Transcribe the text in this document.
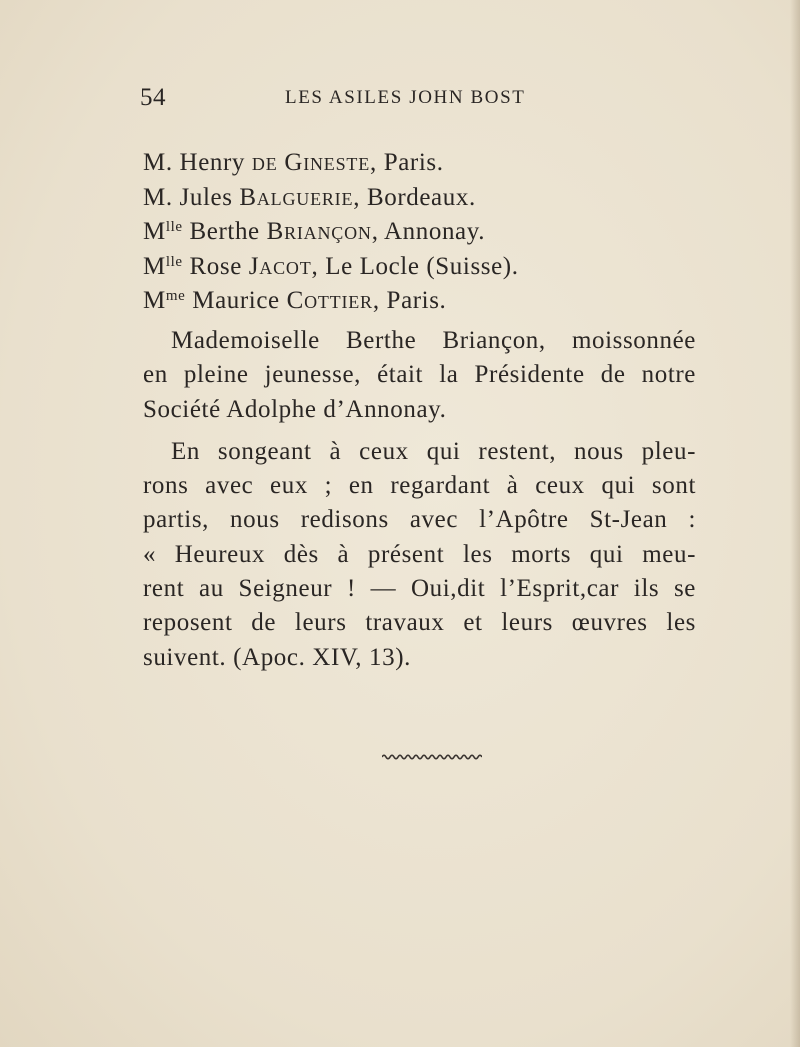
54	LES ASILES JOHN BOST
M. Henry de Gineste, Paris.
M. Jules Balguerie, Bordeaux.
$M^{lle}$ Berthe Briançon, Annonay.
$M^{lle}$ Rose Jacot, Le Locle (Suisse).
$M^{me}$ Maurice Cottier, Paris.
Mademoiselle Berthe Briançon, moissonnée
en pleine jeunesse, était la Présidente de notre
Société Adolphe d’Annonay.
En songeant à ceux qui restent, nous pleu-
rons avec eux ; en regardant à ceux qui sont
partis, nous redisons avec l’Apôtre St-Jean :
« Heureux dès à présent les morts qui meu-
rent au Seigneur ! — Oui,dit l’Esprit,car ils se
reposent de leurs travaux et leurs œuvres les
suivent. (Apoc. XIV, 13).
